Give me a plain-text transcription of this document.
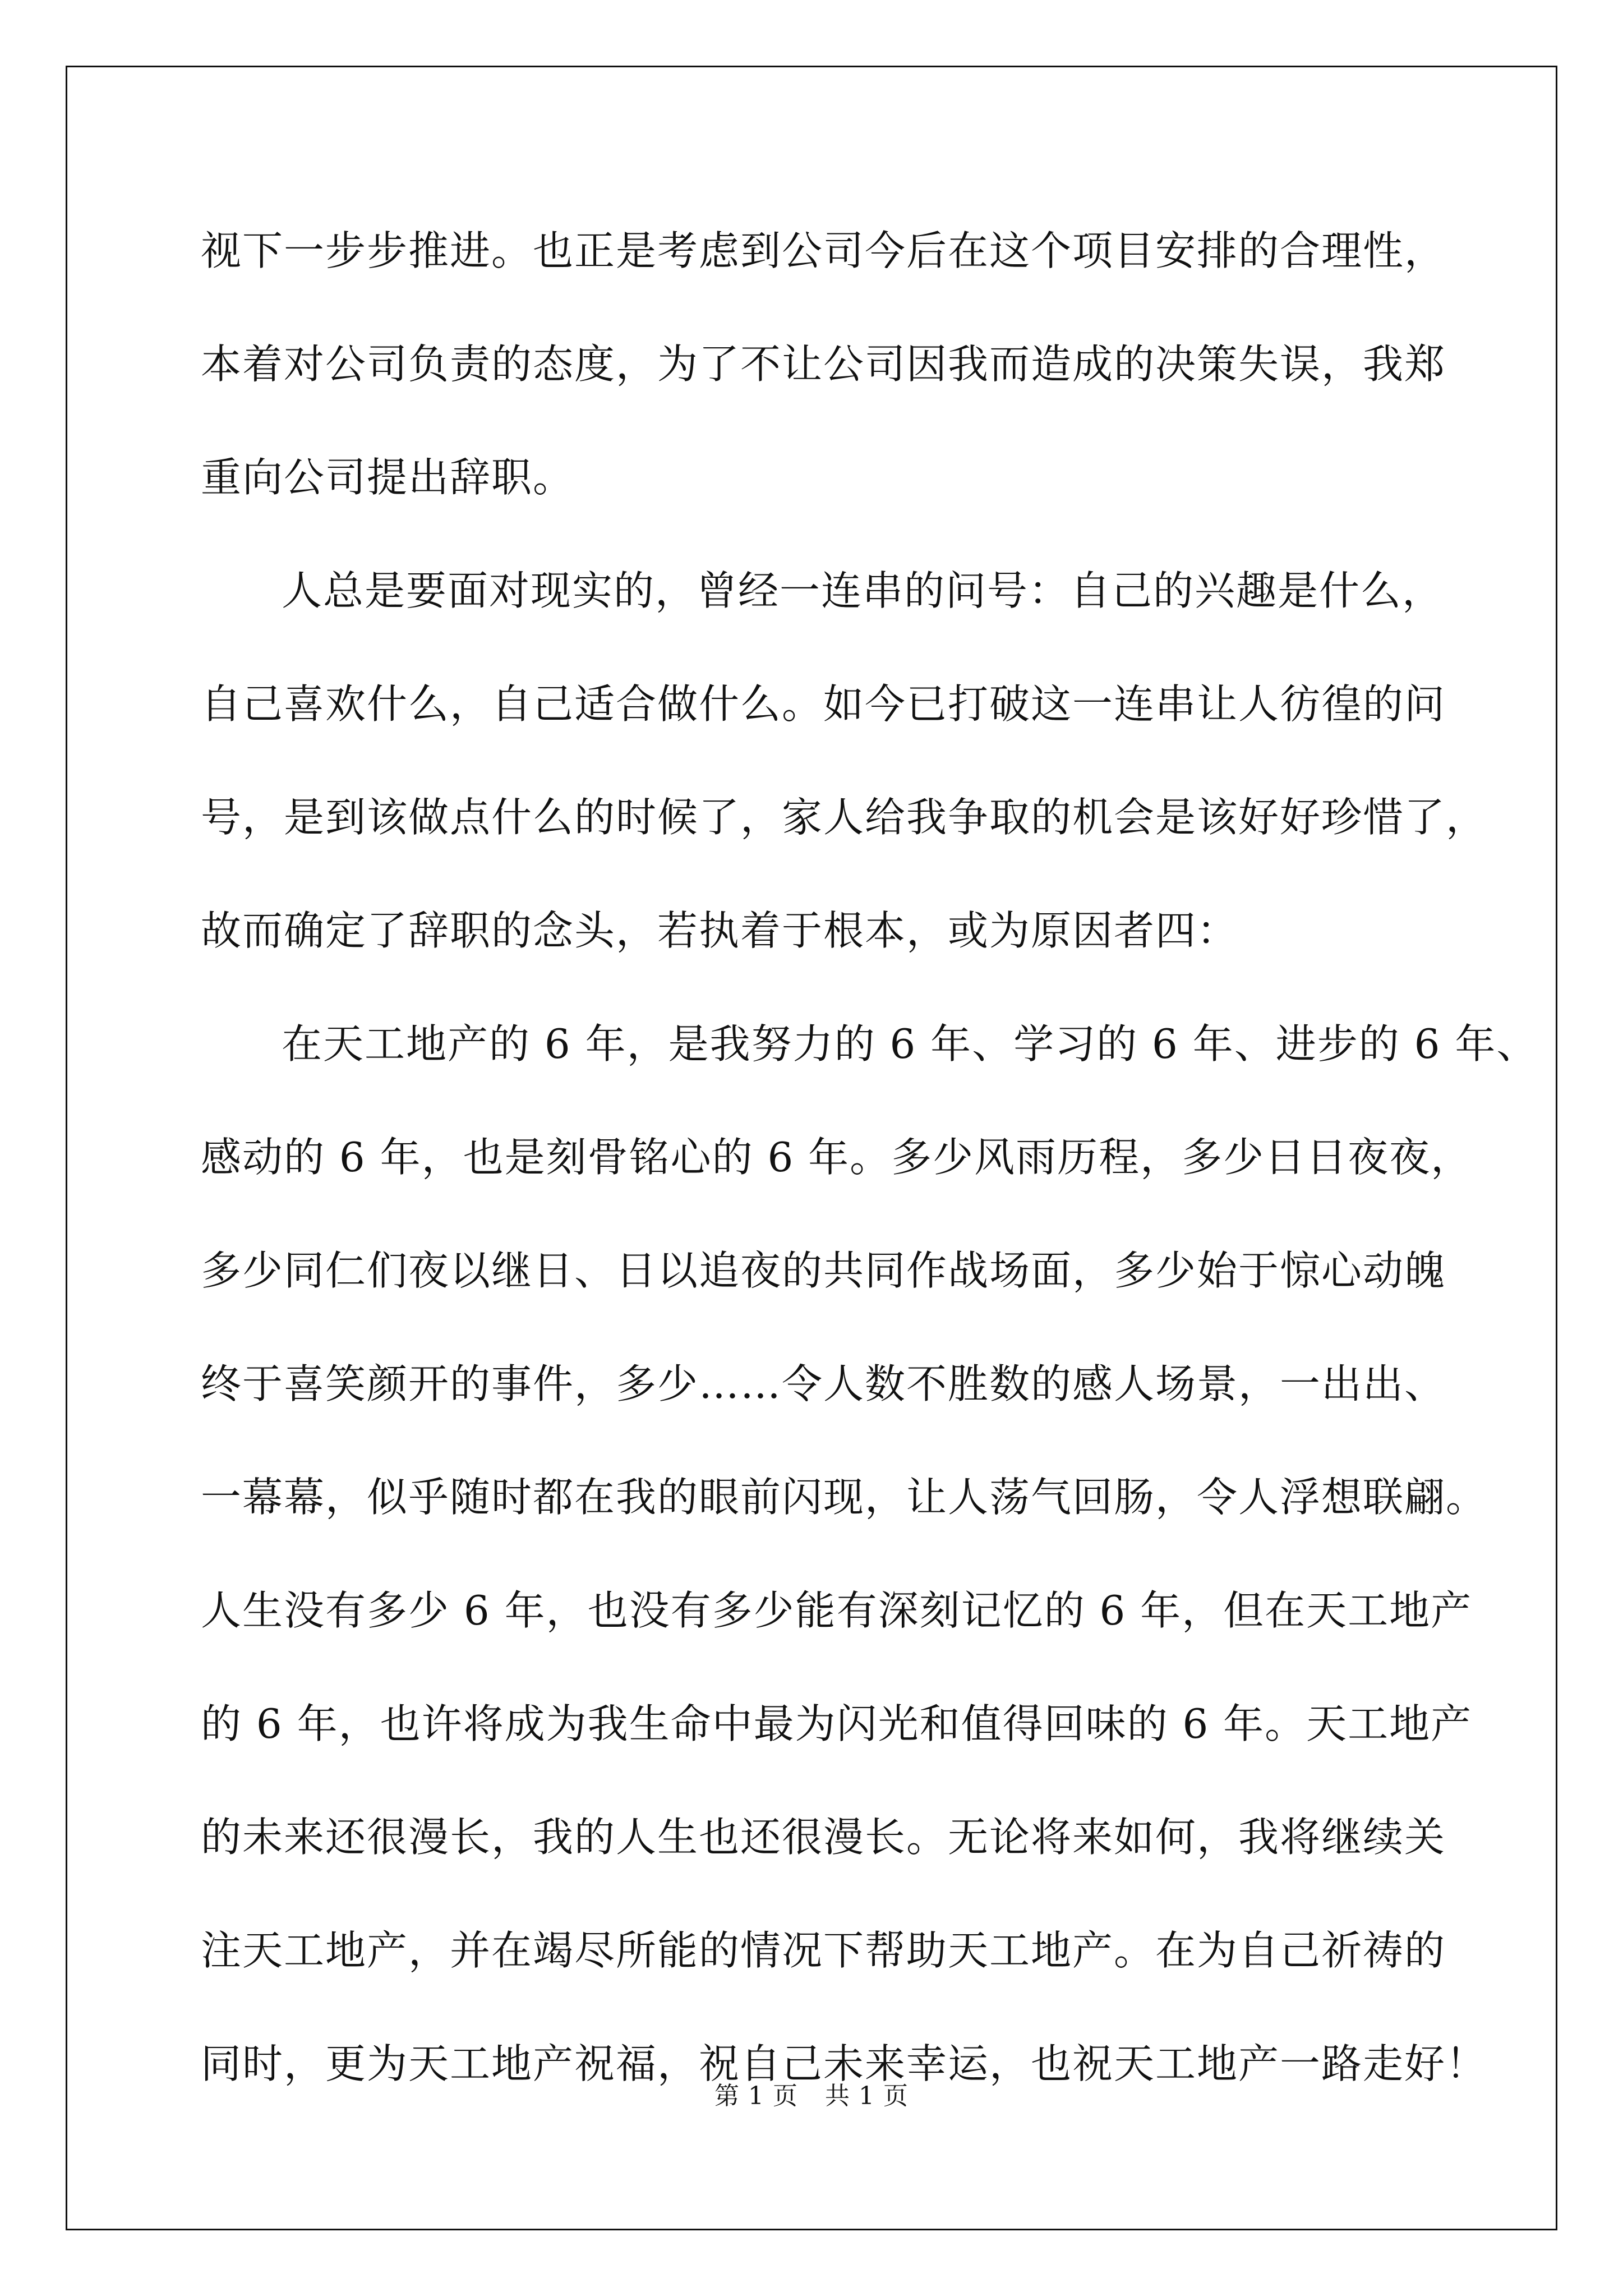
视下一步步推进。也正是考虑到公司今后在这个项目安排的合理性，
本着对公司负责的态度，为了不让公司因我而造成的决策失误，我郑
重向公司提出辞职。
人总是要面对现实的，曾经一连串的问号：自己的兴趣是什么，
自己喜欢什么，自己适合做什么。如今已打破这一连串让人彷徨的问
号，是到该做点什么的时候了，家人给我争取的机会是该好好珍惜了，
故而确定了辞职的念头，若执着于根本，或为原因者四：
在天工地产的 6 年，是我努力的 6 年、学习的 6 年、进步的 6 年、
感动的 6 年，也是刻骨铭心的 6 年。多少风雨历程，多少日日夜夜，
多少同仁们夜以继日、日以追夜的共同作战场面，多少始于惊心动魄
终于喜笑颜开的事件，多少……令人数不胜数的感人场景，一出出、
一幕幕，似乎随时都在我的眼前闪现，让人荡气回肠，令人浮想联翩。
人生没有多少 6 年，也没有多少能有深刻记忆的 6 年，但在天工地产
的 6 年，也许将成为我生命中最为闪光和值得回味的 6 年。天工地产
的未来还很漫长，我的人生也还很漫长。无论将来如何，我将继续关
注天工地产，并在竭尽所能的情况下帮助天工地产。在为自己祈祷的
同时，更为天工地产祝福，祝自己未来幸运，也祝天工地产一路走好！
第 1 页 共 1 页
